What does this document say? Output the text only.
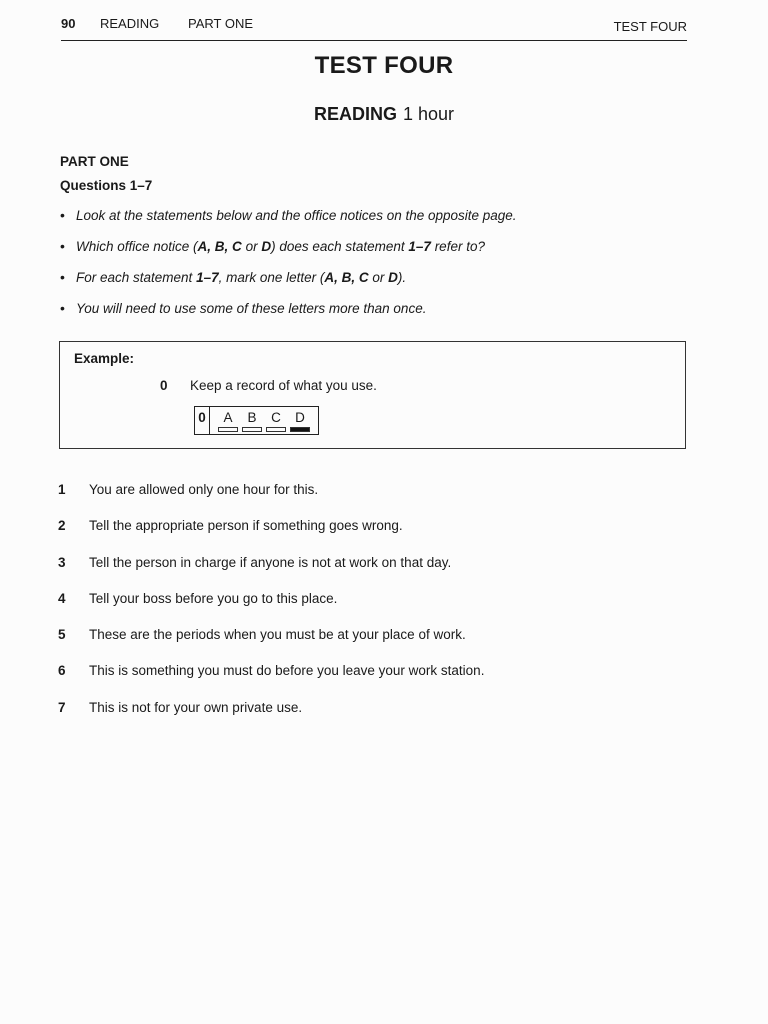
90 READING PART ONE	TEST FOUR
TEST FOUR
READING 1 hour
PART ONE
Questions 1–7
• Look at the statements below and the office notices on the opposite page.
• Which office notice (A, B, C or D) does each statement 1–7 refer to?
• For each statement 1–7, mark one letter (A, B, C or D).
• You will need to use some of these letters more than once.
Example:
0 Keep a record of what you use.
0	A B C D
1 You are allowed only one hour for this.
2 Tell the appropriate person if something goes wrong.
3 Tell the person in charge if anyone is not at work on that day.
4 Tell your boss before you go to this place.
5 These are the periods when you must be at your place of work.
6 This is something you must do before you leave your work station.
7 This is not for your own private use.
